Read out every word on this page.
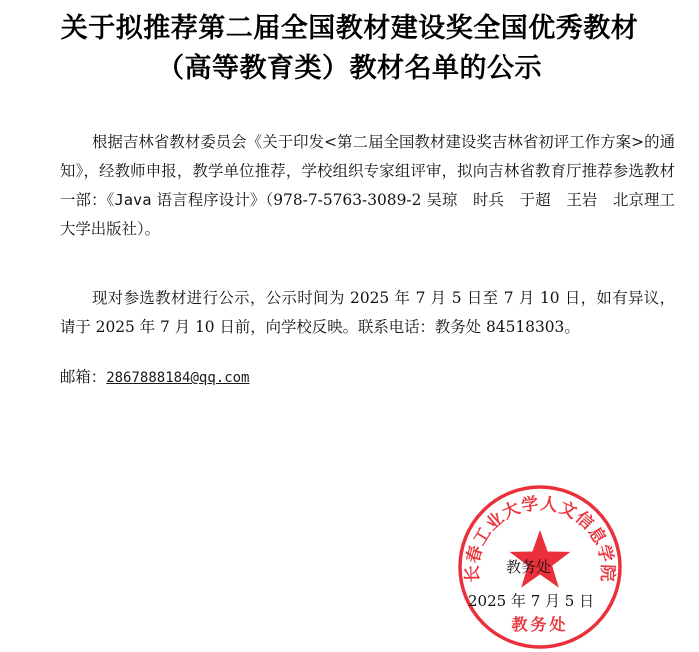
关于拟推荐第二届全国教材建设奖全国优秀教材
（高等教育类）教材名单的公示
根据吉林省教材委员会《关于印发<第二届全国教材建设奖吉林省初评工作方案>的通知》，经教师申报，教学单位推荐，学校组织专家组评审，拟向吉林省教育厅推荐参选教材一部：《Java 语言程序设计》（978-7-5763-3089-2 吴琼　时兵　于超　王岩　北京理工大学出版社）。
现对参选教材进行公示，公示时间为 2025 年 7 月 5 日至 7 月 10 日，如有异议，请于 2025 年 7 月 10 日前，向学校反映。联系电话：教务处 84518303。
邮箱：2867888184@qq.com
长春工业大学人文信息学院
教务处
教务处
2025 年 7 月 5 日
